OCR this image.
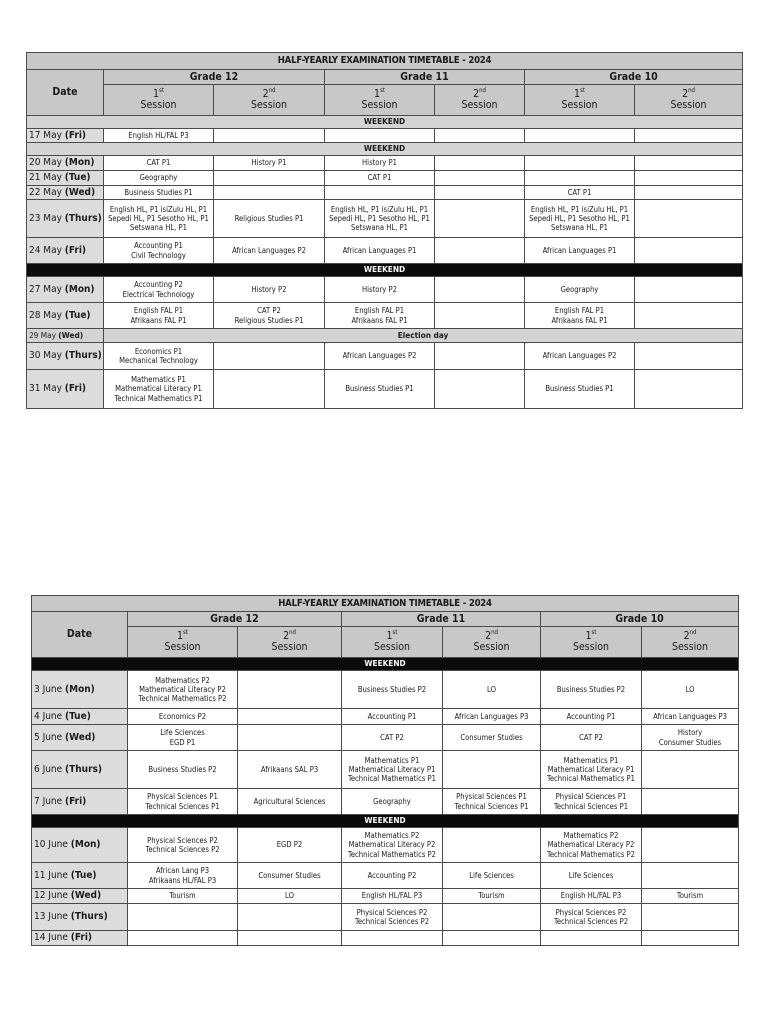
HALF-YEARLY EXAMINATION TIMETABLE - 2024						
Date	Grade 12		Grade 11		Grade 10	

	1st
Session	2nd
Session	1st
Session	2nd
Session	1st
Session	2nd
Session

WEEKEND						
17 May (Fri)	English HL/FAL P3					

WEEKEND						
20 May (Mon)	CAT P1	History P1	History P1			

21 May (Tue)	Geography		CAT P1			

22 May (Wed)	Business Studies P1				CAT P1	

23 May (Thurs)	English HL, P1 isiZulu HL, P1
Sepedi HL, P1 Sesotho HL, P1
Setswana HL, P1	Religious Studies P1	English HL, P1 isiZulu HL, P1
Sepedi HL, P1 Sesotho HL, P1
Setswana HL, P1		English HL, P1 isiZulu HL, P1
Sepedi HL, P1 Sesotho HL, P1
Setswana HL, P1	

24 May (Fri)	Accounting P1
Civil Technology	African Languages P2	African Languages P1		African Languages P1	

WEEKEND						
27 May (Mon)	Accounting P2
Electrical Technology	History P2	History P2		Geography	

28 May (Tue)	English FAL P1
Afrikaans FAL P1	CAT P2
Religious Studies P1	English FAL P1
Afrikaans FAL P1		English FAL P1
Afrikaans FAL P1	

29 May (Wed)	Election day					
30 May (Thurs)	Economics P1
Mechanical Technology		African Languages P2		African Languages P2	

31 May (Fri)	Mathematics P1
Mathematical Literacy P1
Technical Mathematics P1		Business Studies P1		Business Studies P1	

HALF-YEARLY EXAMINATION TIMETABLE - 2024						
Date	Grade 12		Grade 11		Grade 10	

	1st
Session	2nd
Session	1st
Session	2nd
Session	1st
Session	2nd
Session

WEEKEND						
3 June (Mon)	Mathematics P2
Mathematical Literacy P2
Technical Mathematics P2		Business Studies P2	LO	Business Studies P2	LO

4 June (Tue)	Economics P2		Accounting P1	African Languages P3	Accounting P1	African Languages P3

5 June (Wed)	Life Sciences
EGD P1		CAT P2	Consumer Studies	CAT P2	History
Consumer Studies

6 June (Thurs)	Business Studies P2	Afrikaans SAL P3	Mathematics P1
Mathematical Literacy P1
Technical Mathematics P1		Mathematics P1
Mathematical Literacy P1
Technical Mathematics P1	

7 June (Fri)	Physical Sciences P1
Technical Sciences P1	Agricultural Sciences	Geography	Physical Sciences P1
Technical Sciences P1	Physical Sciences P1
Technical Sciences P1	

WEEKEND						
10 June (Mon)	Physical Sciences P2
Technical Sciences P2	EGD P2	Mathematics P2
Mathematical Literacy P2
Technical Mathematics P2		Mathematics P2
Mathematical Literacy P2
Technical Mathematics P2	

11 June (Tue)	African Lang P3
Afrikaans HL/FAL P3	Consumer Studies	Accounting P2	Life Sciences	Life Sciences	

12 June (Wed)	Tourism	LO	English HL/FAL P3	Tourism	English HL/FAL P3	Tourism

13 June (Thurs)			Physical Sciences P2
Technical Sciences P2		Physical Sciences P2
Technical Sciences P2	

14 June (Fri)						
